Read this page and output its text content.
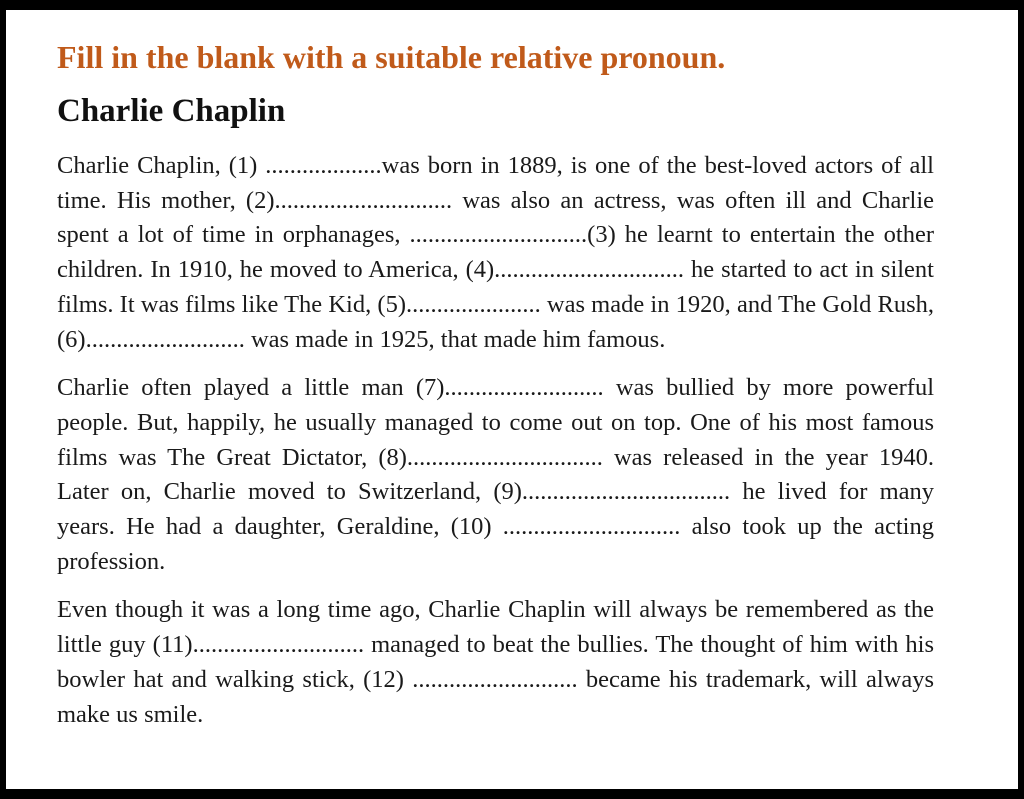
Fill in the blank with a suitable relative pronoun.
Charlie Chaplin

Charlie Chaplin, (1) ...................was born in 1889, is one of the best-loved actors of all time. His mother, (2)............................. was also an actress, was often ill and Charlie spent a lot of time in orphanages, .............................(3) he learnt to entertain the other children. In 1910, he moved to America, (4)............................... he started to act in silent films. It was films like The Kid, (5)...................... was made in 1920, and The Gold Rush, (6).......................... was made in 1925, that made him famous.

Charlie often played a little man (7).......................... was bullied by more powerful people. But, happily, he usually managed to come out on top. One of his most famous films was The Great Dictator, (8)................................ was released in the year 1940. Later on, Charlie moved to Switzerland, (9).................................. he lived for many years. He had a daughter, Geraldine, (10) ............................. also took up the acting profession.

Even though it was a long time ago, Charlie Chaplin will always be remembered as the little guy (11)............................ managed to beat the bullies. The thought of him with his bowler hat and walking stick, (12) ........................... became his trademark, will always make us smile.
